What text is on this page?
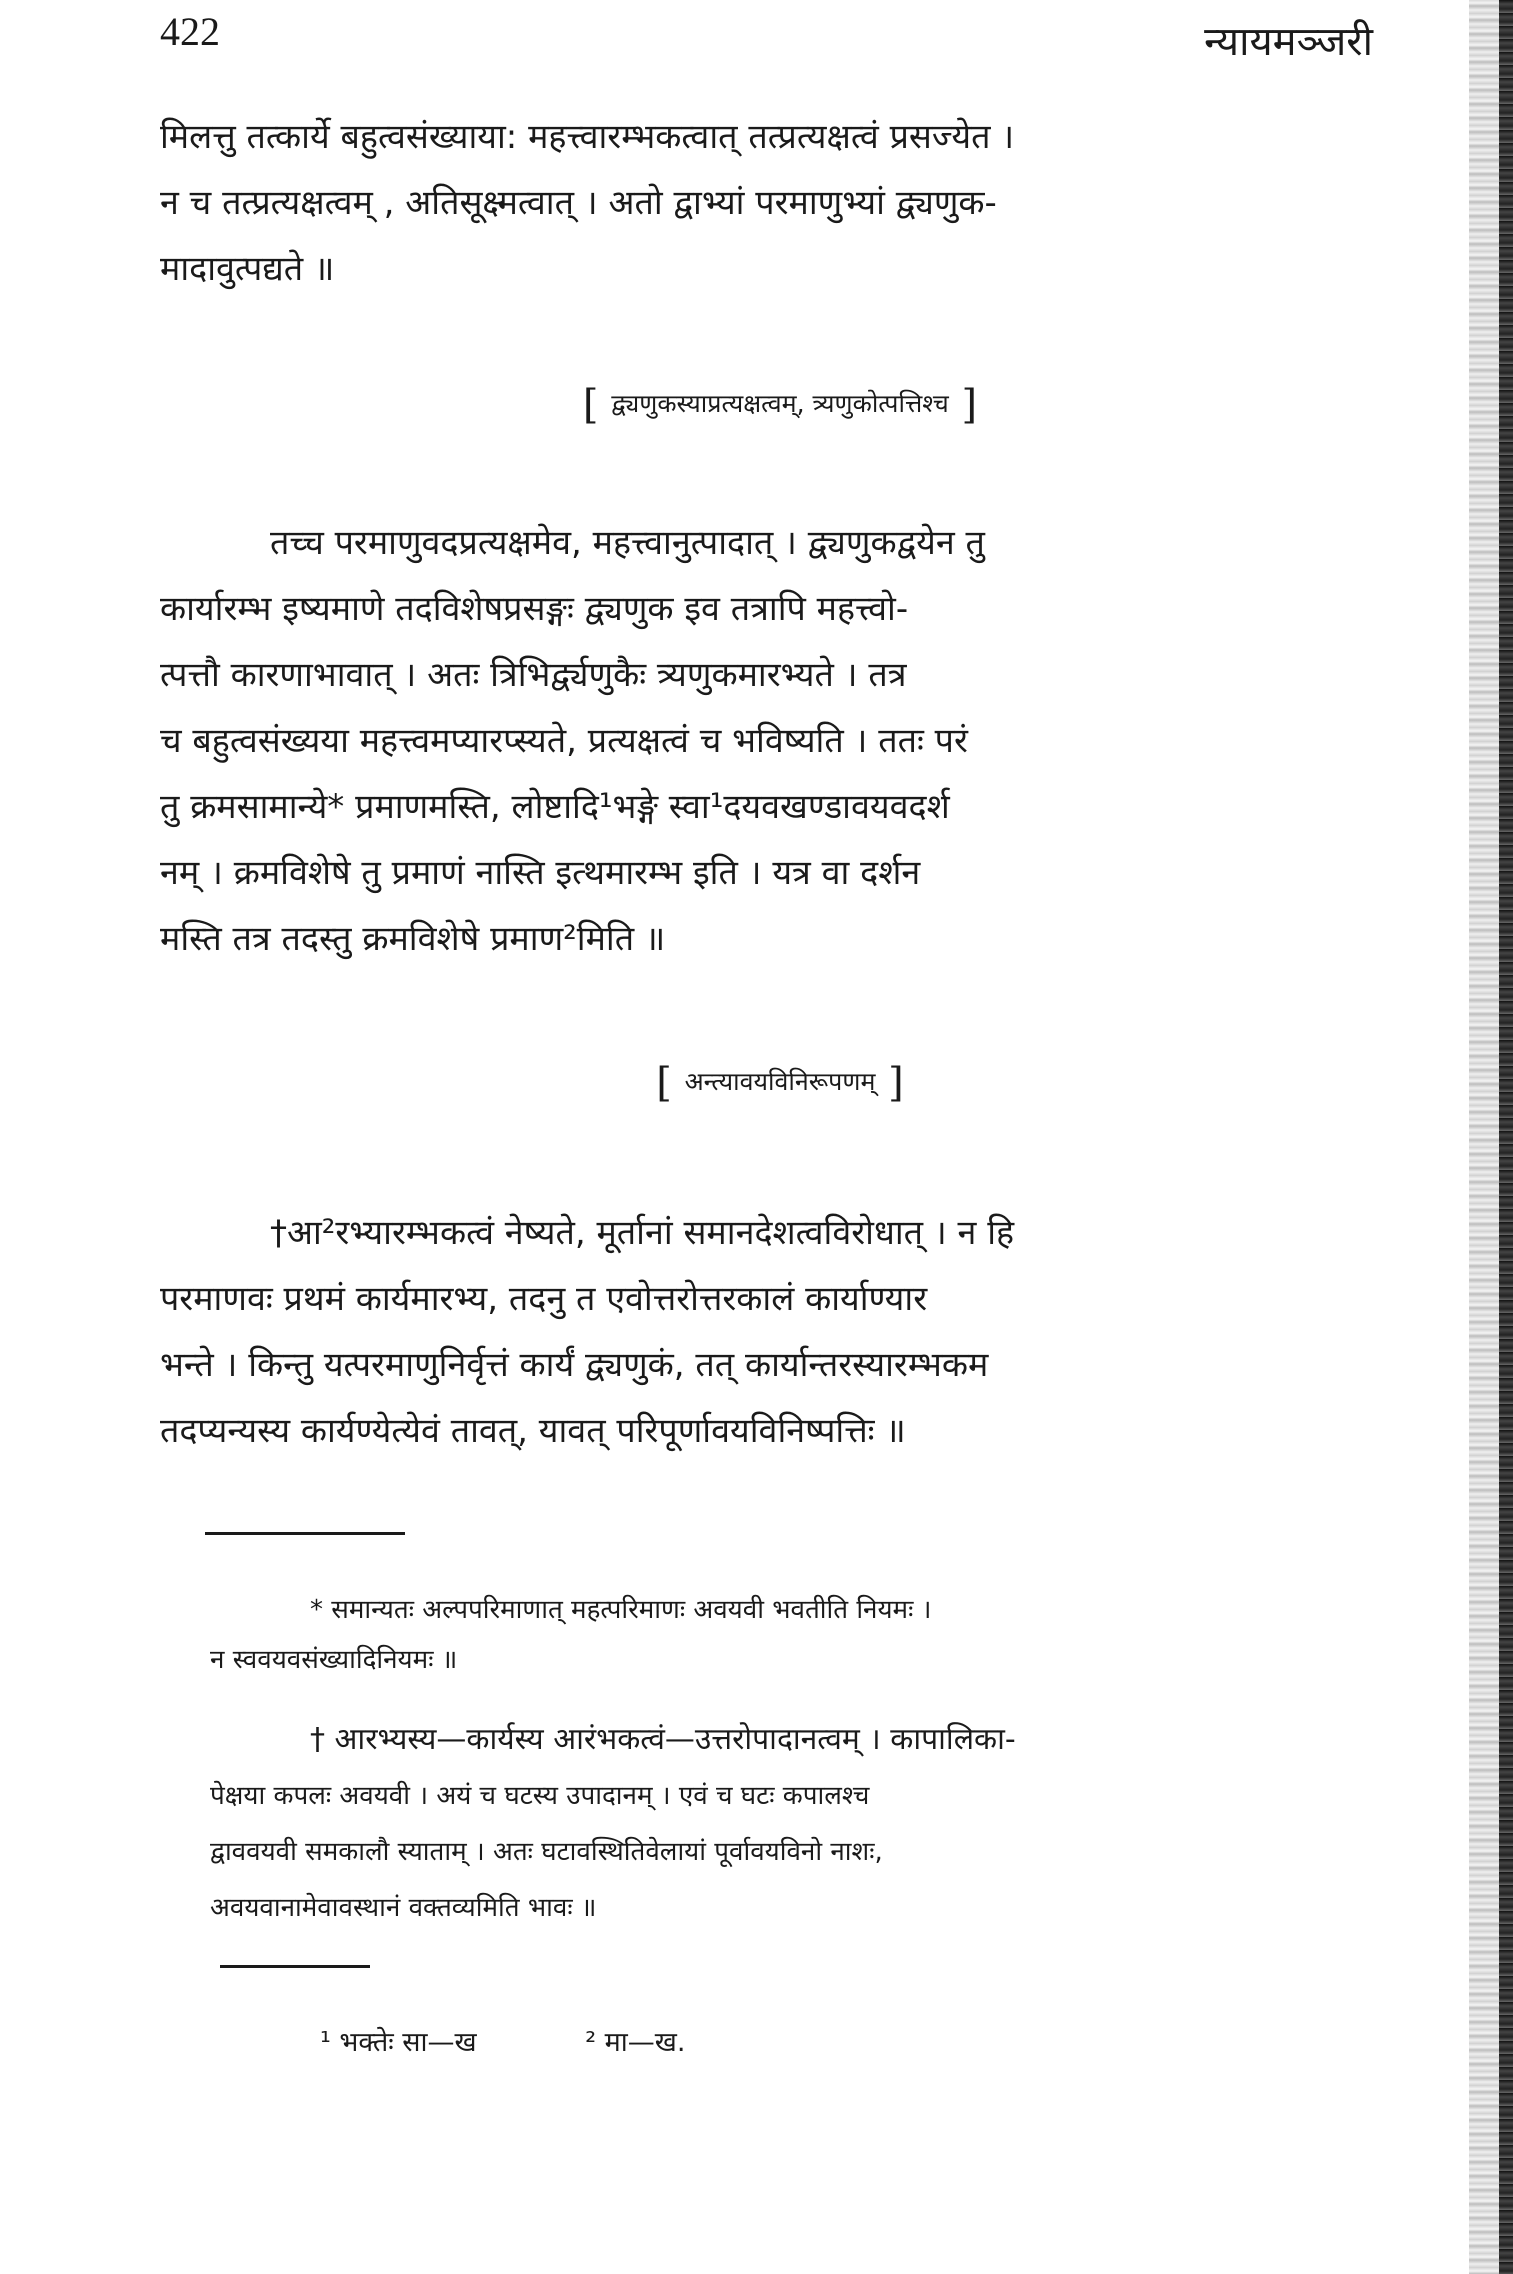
422	न्यायमञ्जरी
मिलत्तु तत्कार्ये बहुत्वसंख्याया: महत्त्वारम्भकत्वात् तत्प्रत्यक्षत्वं प्रसज्येत ।
न च तत्प्रत्यक्षत्वम् , अतिसूक्ष्मत्वात् । अतो द्वाभ्यां परमाणुभ्यां द्व्यणुक-
मादावुत्पद्यते ॥
[ द्व्यणुकस्याप्रत्यक्षत्वम्, त्र्यणुकोत्पत्तिश्च ]
तच्च परमाणुवदप्रत्यक्षमेव, महत्त्वानुत्पादात् । द्व्यणुकद्वयेन तु
कार्यारम्भ इष्यमाणे तदविशेषप्रसङ्गः द्व्यणुक इव तत्रापि महत्त्वो-
त्पत्तौ कारणाभावात् । अतः त्रिभिर्द्व्यणुकैः त्र्यणुकमारभ्यते । तत्र
च बहुत्वसंख्यया महत्त्वमप्यारप्स्यते, प्रत्यक्षत्वं च भविष्यति । ततः परं
तु क्रमसामान्ये* प्रमाणमस्ति, लोष्टादि¹भङ्गे स्वा¹दयवखण्डावयवदर्श
नम् । क्रमविशेषे तु प्रमाणं नास्ति इत्थमारम्भ इति । यत्र वा दर्शन
मस्ति तत्र तदस्तु क्रमविशेषे प्रमाण²मिति ॥
[ अन्त्यावयविनिरूपणम् ]
†आ²रभ्यारम्भकत्वं नेष्यते, मूर्तानां समानदेशत्वविरोधात् । न हि
परमाणवः प्रथमं कार्यमारभ्य, तदनु त एवोत्तरोत्तरकालं कार्याण्यार
भन्ते । किन्तु यत्परमाणुनिर्वृत्तं कार्यं द्व्यणुकं, तत् कार्यान्तरस्यारम्भकम
तदप्यन्यस्य कार्यण्येत्येवं तावत्, यावत् परिपूर्णावयविनिष्पत्तिः ॥
* समान्यतः अल्पपरिमाणात् महत्परिमाणः अवयवी भवतीति नियमः ।
न स्ववयवसंख्यादिनियमः ॥
† आरभ्यस्य—कार्यस्य आरंभकत्वं—उत्तरोपादानत्वम् । कापालिका-
पेक्षया कपलः अवयवी । अयं च घटस्य उपादानम् । एवं च घटः कपालश्च
द्वाववयवी समकालौ स्याताम् । अतः घटावस्थितिवेलायां पूर्वावयविनो नाशः,
अवयवानामेवावस्थानं वक्तव्यमिति भावः ॥
¹ भक्तेः सा—ख	² मा—ख.
